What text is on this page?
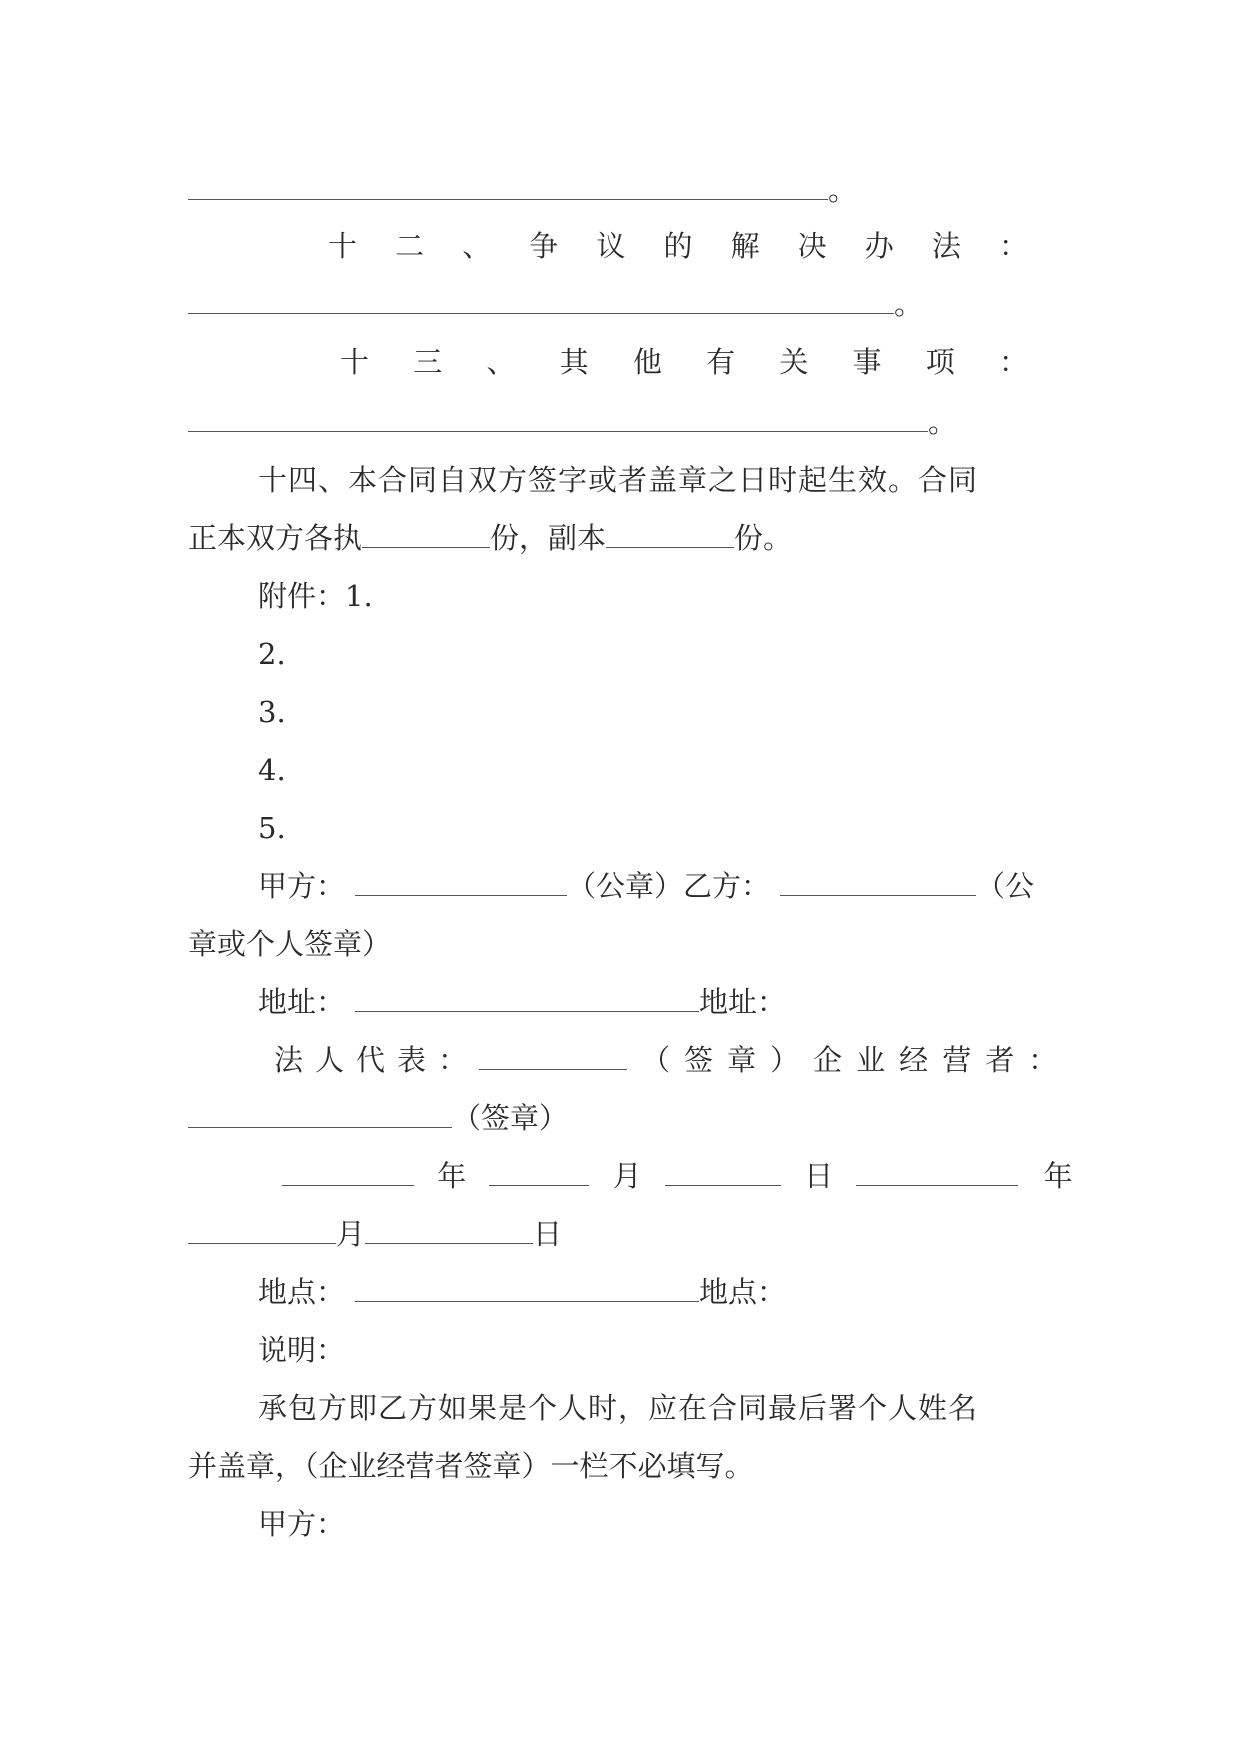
。
十 二 、 争 议 的 解 决 办 法 ：
。
十 三 、 其 他 有 关 事 项 ：
。
十四、本合同自双方签字或者盖章之日时起生效。合同
正本双方各执	份，副本	份。
附件：1.
2.
3.
4.
5.
甲方：	（公章）乙方：	（公
章或个人签章）
地址：	地址：
法人代表：	（签章）企业经营者：
（签章）
年	月	日	年
月	日
地点：	地点：
说明：
承包方即乙方如果是个人时，应在合同最后署个人姓名
并盖章，（企业经营者签章）一栏不必填写。
甲方：
